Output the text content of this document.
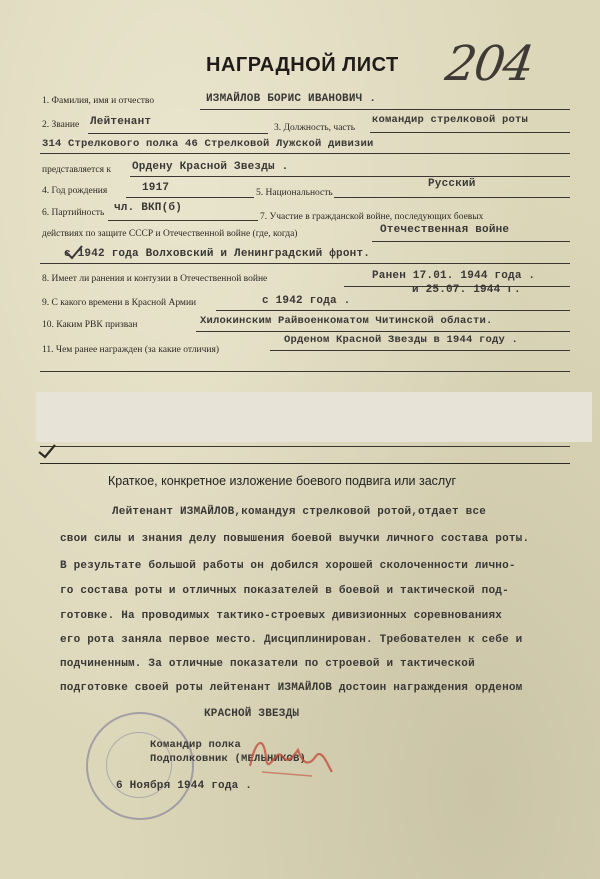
НАГРАДНОЙ ЛИСТ 204
1. Фамилия, имя и отчество	ИЗМАЙЛОВ БОРИС ИВАНОВИЧ .
2. Звание Лейтенант	3. Должность, часть
командир стрелковой роты
314 Стрелкового полка 46 Стрелковой Лужской дивизии
представляется к Ордену Красной Звезды .
4. Год рождения	1917	5. Национальность
Русский
6. Партийность чл. ВКП(б)
7. Участие в гражданской войне, последующих боевых
действиях по защите СССР и Отечественной войне (где, когда)	Отечественная войне
с 1942 года Волховский и Ленинградский фронт.
8. Имеет ли ранения и контузии в Отечественной войне	Ранен 17.01. 1944 года .
и 25.07. 1944 г.
9. С какого времени в Красной Армии	с 1942 года .
10. Каким РВК призван	Хилокинским Райвоенкоматом Читинской области.
11. Чем ранее награжден (за какие отличия)
Орденом Красной Звезды в 1944 году .
Краткое, конкретное изложение боевого подвига или заслуг
Лейтенант ИЗМАЙЛОВ,командуя стрелковой ротой,отдает все
свои силы и знания делу повышения боевой выучки личного состава роты.
В результате большой работы он добился хорошей сколоченности лично-
го состава роты и отличных показателей в боевой и тактической под-
готовке. На проводимых тактико-строевых дивизионных соревнованиях
его рота заняла первое место. Дисциплинирован. Требователен к себе и
подчиненным. За отличные показатели по строевой и тактической
подготовке своей роты лейтенант ИЗМАЙЛОВ достоин награждения орденом
КРАСНОЙ ЗВЕЗДЫ
Командир полка
Подполковник (МЕЛЬНИКОВ)
6 Ноября 1944 года .
